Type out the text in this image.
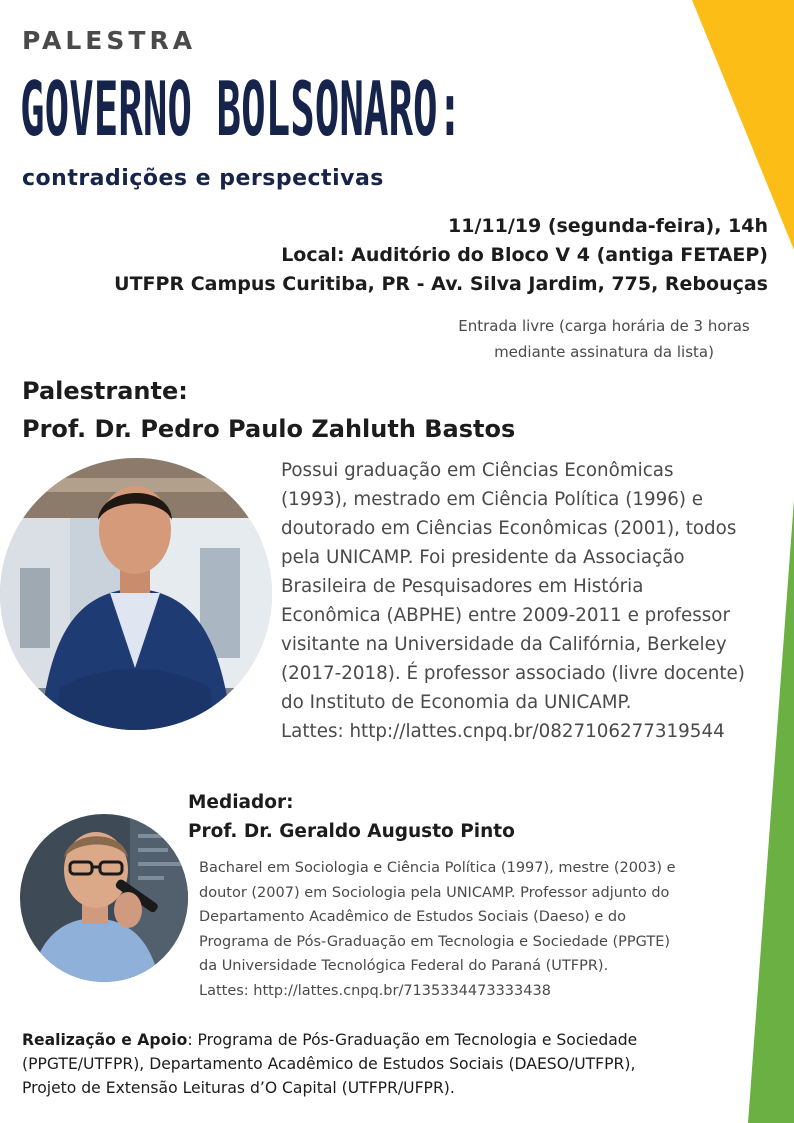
PALESTRA
GOVERNO BOLSONARO:
contradições e perspectivas
11/11/19 (segunda-feira), 14h
Local: Auditório do Bloco V 4 (antiga FETAEP)
UTFPR Campus Curitiba, PR - Av. Silva Jardim, 775, Rebouças
Entrada livre (carga horária de 3 horas
mediante assinatura da lista)
Palestrante:
Prof. Dr. Pedro Paulo Zahluth Bastos
Possui graduação em Ciências Econômicas
(1993), mestrado em Ciência Política (1996) e
doutorado em Ciências Econômicas (2001), todos
pela UNICAMP. Foi presidente da Associação
Brasileira de Pesquisadores em História
Econômica (ABPHE) entre 2009-2011 e professor
visitante na Universidade da Califórnia, Berkeley
(2017-2018). É professor associado (livre docente)
do Instituto de Economia da UNICAMP.
Lattes: http://lattes.cnpq.br/0827106277319544
Mediador:
Prof. Dr. Geraldo Augusto Pinto
Bacharel em Sociologia e Ciência Política (1997), mestre (2003) e
doutor (2007) em Sociologia pela UNICAMP. Professor adjunto do
Departamento Acadêmico de Estudos Sociais (Daeso) e do
Programa de Pós-Graduação em Tecnologia e Sociedade (PPGTE)
da Universidade Tecnológica Federal do Paraná (UTFPR).
Lattes: http://lattes.cnpq.br/7135334473333438
Realização e Apoio: Programa de Pós-Graduação em Tecnologia e Sociedade
(PPGTE/UTFPR), Departamento Acadêmico de Estudos Sociais (DAESO/UTFPR),
Projeto de Extensão Leituras d’O Capital (UTFPR/UFPR).
